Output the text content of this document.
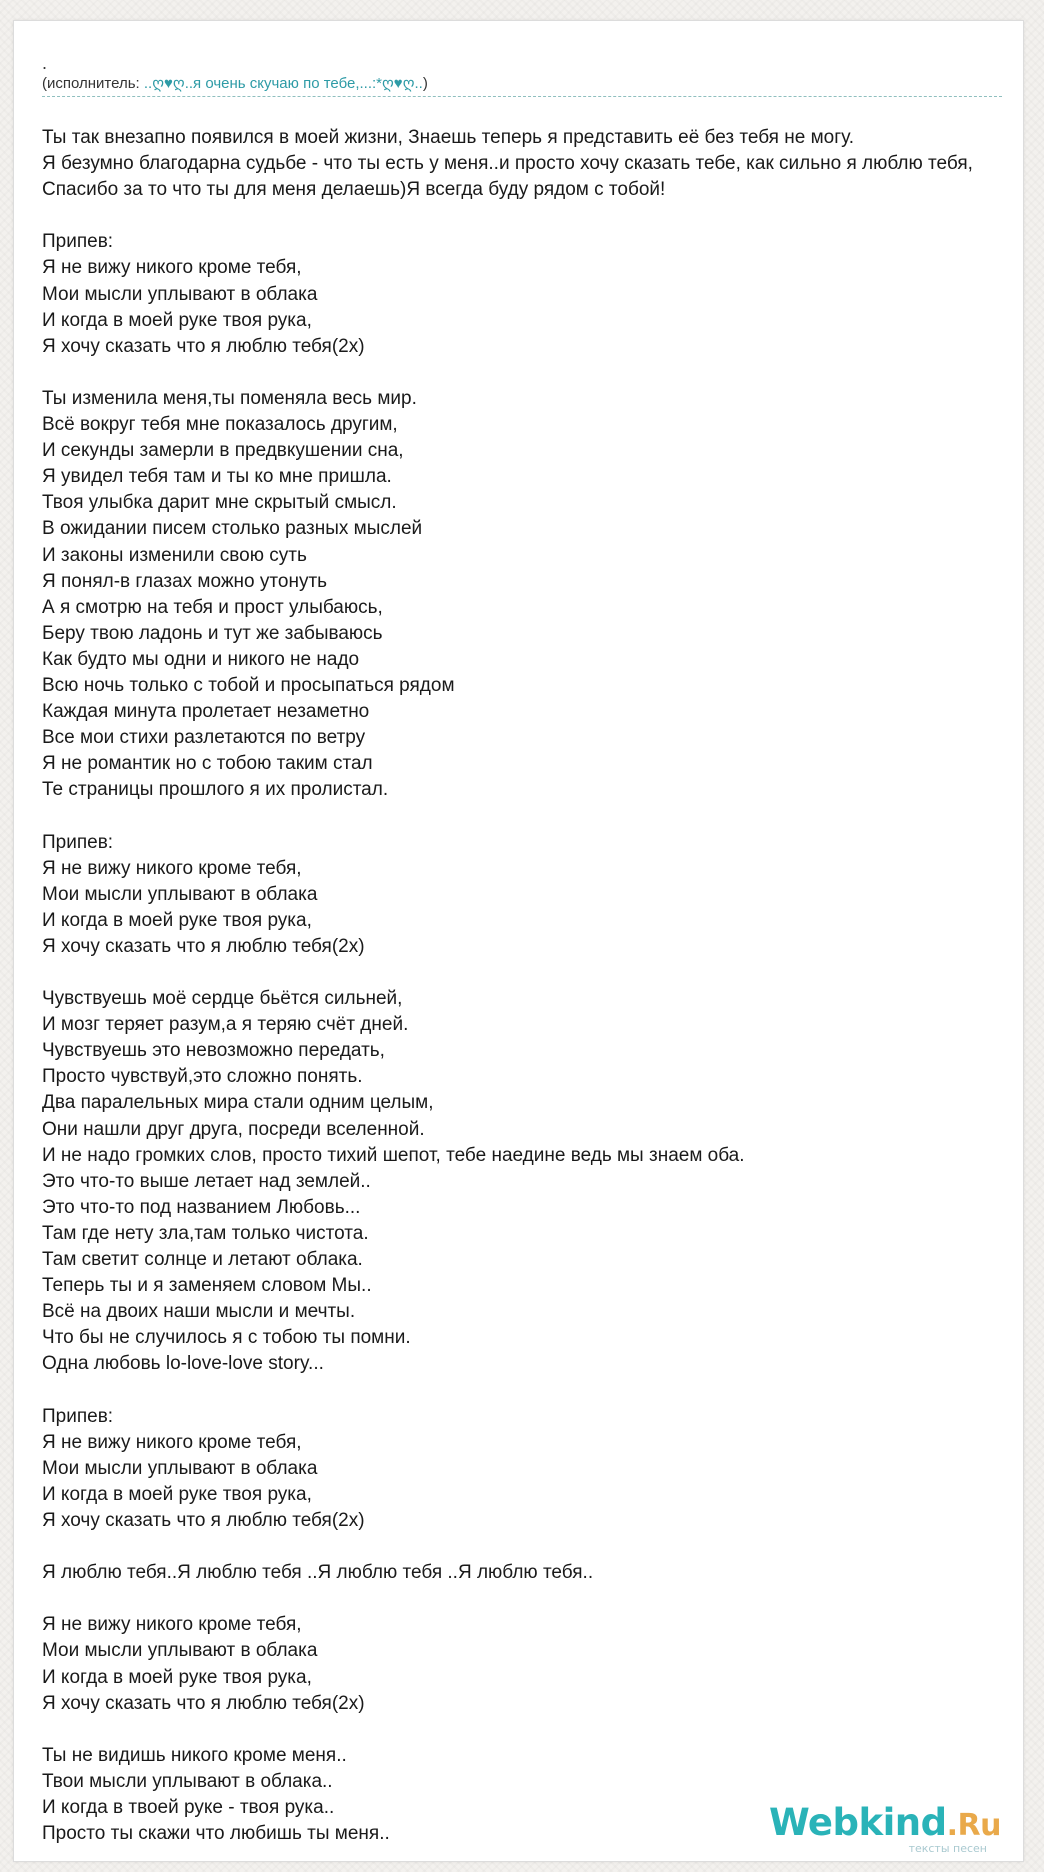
.
(исполнитель: ..ღ♥ღ..я очень скучаю по тебе,...:*ღ♥ღ..)
Ты так внезапно появился в моей жизни, Знаешь теперь я представить её без тебя не могу.
Я безумно благодарна судьбе - что ты есть у меня..и просто хочу сказать тебе, как сильно я люблю тебя,
Спасибо за то что ты для меня делаешь)Я всегда буду рядом с тобой!

Припев:
Я не вижу никого кроме тебя,
Мои мысли уплывают в облака
И когда в моей руке твоя рука,
Я хочу сказать что я люблю тебя(2х)

Ты изменила меня,ты поменяла весь мир.
Всё вокруг тебя мне показалось другим,
И секунды замерли в предвкушении сна,
Я увидел тебя там и ты ко мне пришла.
Твоя улыбка дарит мне скрытый смысл.
В ожидании писем столько разных мыслей
И законы изменили свою суть
Я понял-в глазах можно утонуть
А я смотрю на тебя и прост улыбаюсь,
Беру твою ладонь и тут же забываюсь
Как будто мы одни и никого не надо
Всю ночь только с тобой и просыпаться рядом
Каждая минута пролетает незаметно
Все мои стихи разлетаются по ветру
Я не романтик но с тобою таким стал
Те страницы прошлого я их пролистал.

Припев:
Я не вижу никого кроме тебя,
Мои мысли уплывают в облака
И когда в моей руке твоя рука,
Я хочу сказать что я люблю тебя(2х)

Чувствуешь моё сердце бьётся сильней,
И мозг теряет разум,а я теряю счёт дней.
Чувствуешь это невозможно передать,
Просто чувствуй,это сложно понять.
Два паралельных мира стали одним целым,
Они нашли друг друга, посреди вселенной.
И не надо громких слов, просто тихий шепот, тебе наедине ведь мы знаем оба.
Это что-то выше летает над землей..
Это что-то под названием Любовь...
Там где нету зла,там только чистота.
Там светит солнце и летают облака.
Теперь ты и я заменяем словом Мы..
Всё на двоих наши мысли и мечты.
Что бы не случилось я с тобою ты помни.
Одна любовь lo-love-love story...

Припев:
Я не вижу никого кроме тебя,
Мои мысли уплывают в облака
И когда в моей руке твоя рука,
Я хочу сказать что я люблю тебя(2х)

Я люблю тебя..Я люблю тебя ..Я люблю тебя ..Я люблю тебя..

Я не вижу никого кроме тебя,
Мои мысли уплывают в облака
И когда в моей руке твоя рука,
Я хочу сказать что я люблю тебя(2х)

Ты не видишь никого кроме меня..
Твои мысли уплывают в облака..
И когда в твоей руке - твоя рука..
Просто ты скажи что любишь ты меня..	Webkind.Ru
тексты песен
